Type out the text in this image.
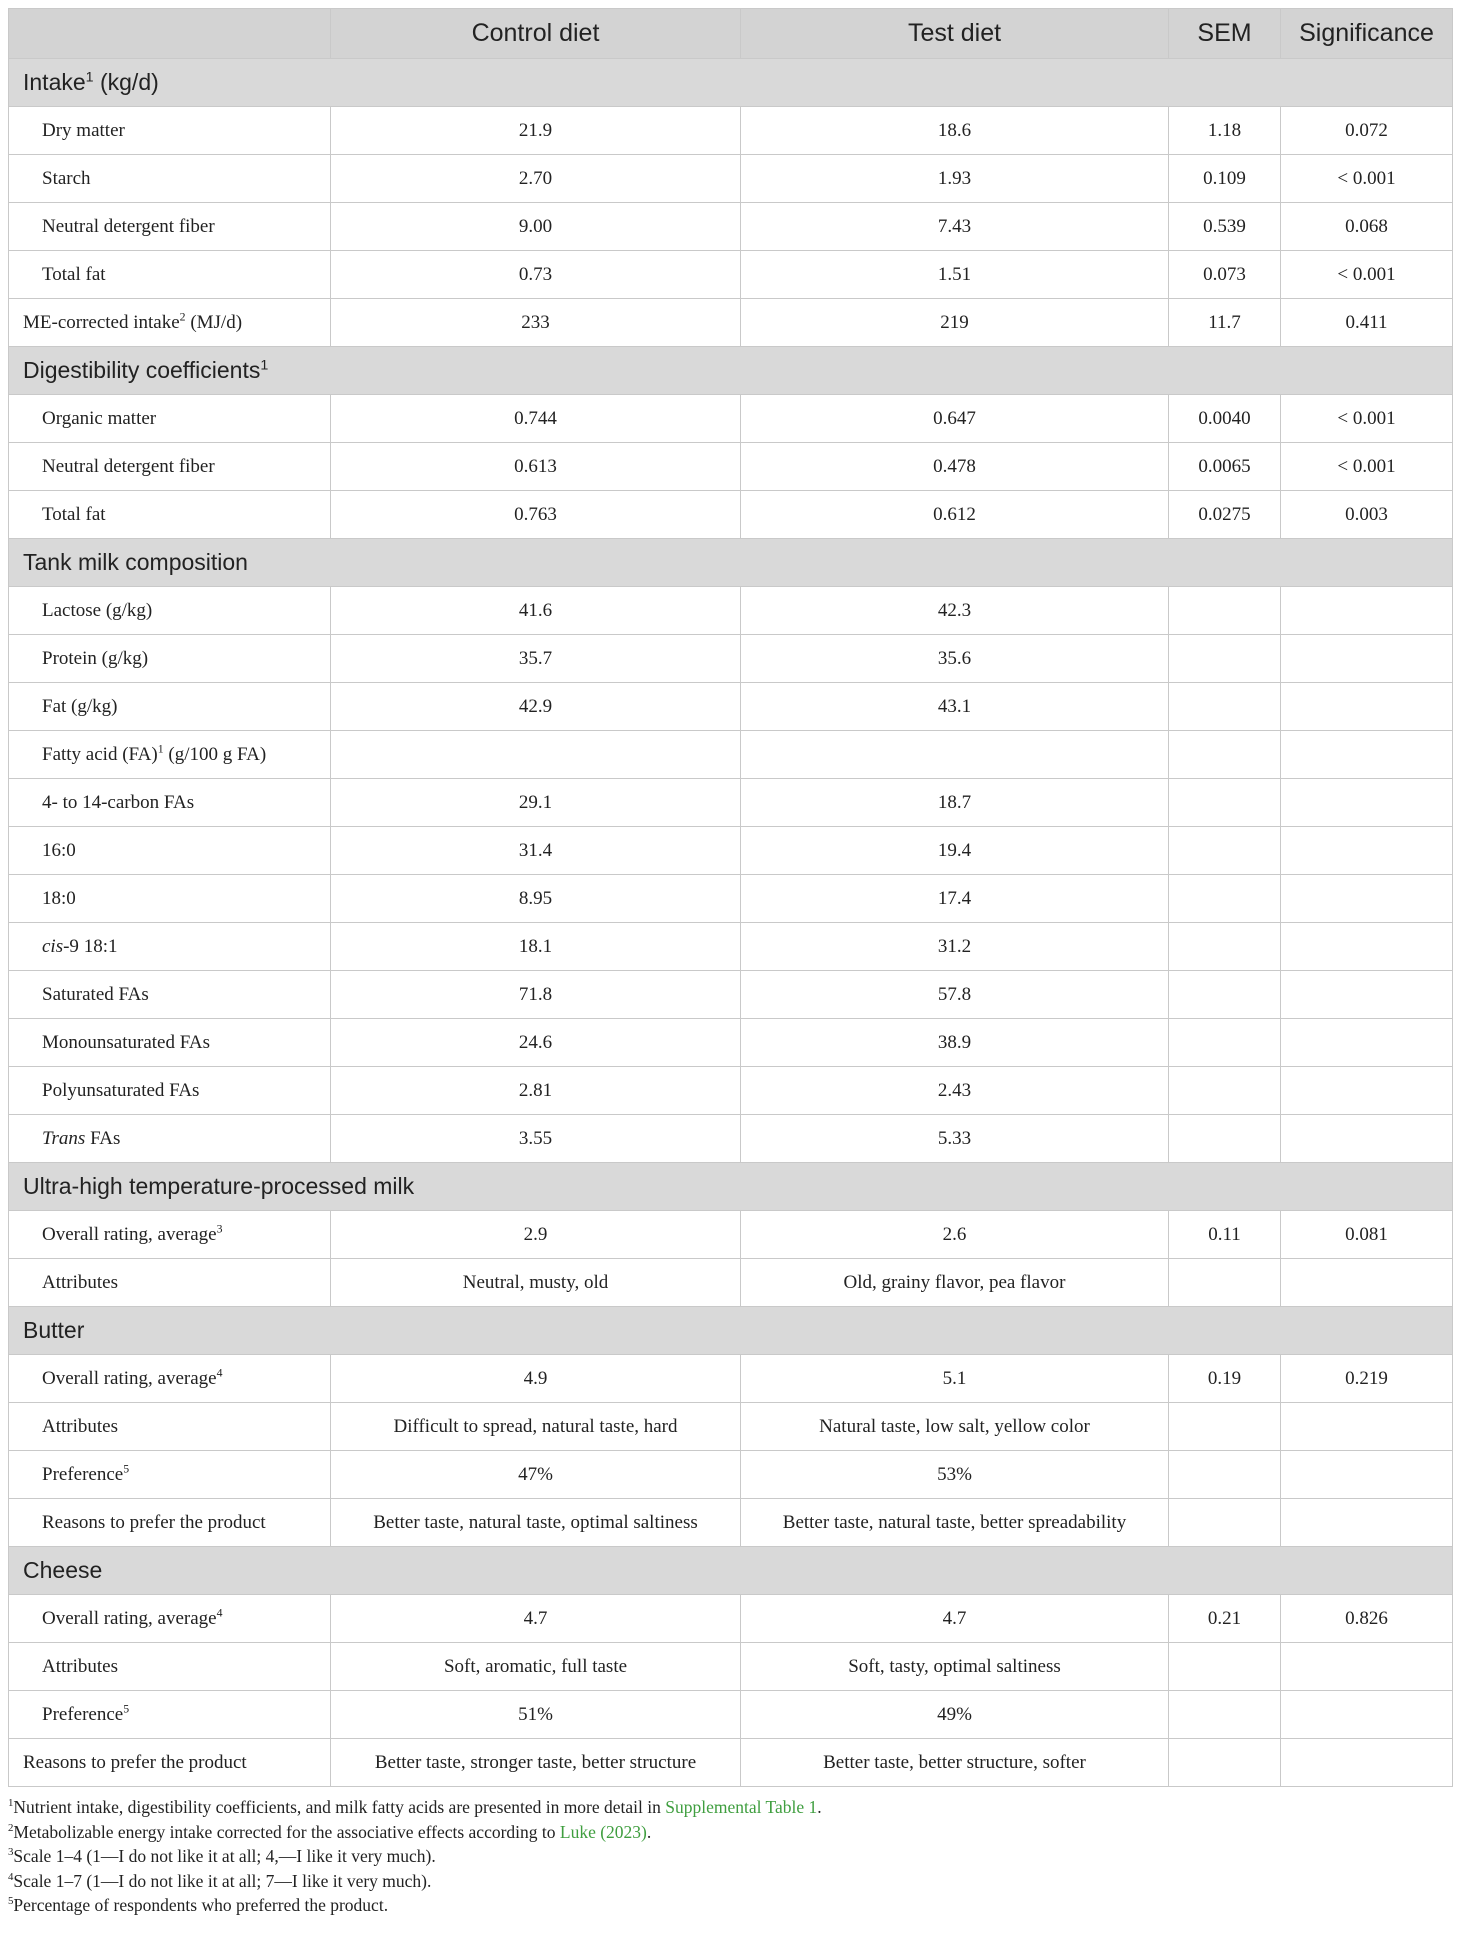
	Control diet	Test diet	SEM	Significance
Intake$^1$ (kg/d)				
Dry matter	21.9	18.6	1.18	0.072
Starch	2.70	1.93	0.109	< 0.001
Neutral detergent fiber	9.00	7.43	0.539	0.068
Total fat	0.73	1.51	0.073	< 0.001
ME-corrected intake$^2$ (MJ/d)	233	219	11.7	0.411
Digestibility coefficients$^1$
Organic matter	0.744	0.647	0.0040	< 0.001
Neutral detergent fiber	0.613	0.478	0.0065	< 0.001
Total fat	0.763	0.612	0.0275	0.003
Tank milk composition				
Lactose (g/kg)	41.6	42.3		
Protein (g/kg)	35.7	35.6		
Fat (g/kg)	42.9	43.1		
Fatty acid (FA)$^1$ (g/100 g FA)				
4- to 14-carbon FAs	29.1	18.7		
16:0	31.4	19.4		
18:0	8.95	17.4		
cis-9 18:1	18.1	31.2		
Saturated FAs	71.8	57.8		
Monounsaturated FAs	24.6	38.9		
Polyunsaturated FAs	2.81	2.43		
Trans FAs	3.55	5.33		
Ultra-high temperature-processed milk				
Overall rating, average$^3$	2.9	2.6	0.11	0.081
Attributes	Neutral, musty, old	Old, grainy flavor, pea flavor		
Butter				
Overall rating, average$^4$	4.9	5.1	0.19	0.219
Attributes	Difficult to spread, natural taste, hard	Natural taste, low salt, yellow color		
Preference$^5$	47%	53%		
Reasons to prefer the product	Better taste, natural taste, optimal saltiness	Better taste, natural taste, better spreadability		
Cheese				
Overall rating, average$^4$	4.7	4.7	0.21	0.826
Attributes	Soft, aromatic, full taste	Soft, tasty, optimal saltiness		
Preference$^5$	51%	49%		
Reasons to prefer the product	Better taste, stronger taste, better structure	Better taste, better structure, softer		
$^1$Nutrient intake, digestibility coefficients, and milk fatty acids are presented in more detail in Supplemental Table 1.
$^2$Metabolizable energy intake corrected for the associative effects according to Luke (2023).
$^3$Scale 1–4 (1—I do not like it at all; 4,—I like it very much).
$^4$Scale 1–7 (1—I do not like it at all; 7—I like it very much).
$^5$Percentage of respondents who preferred the product.
